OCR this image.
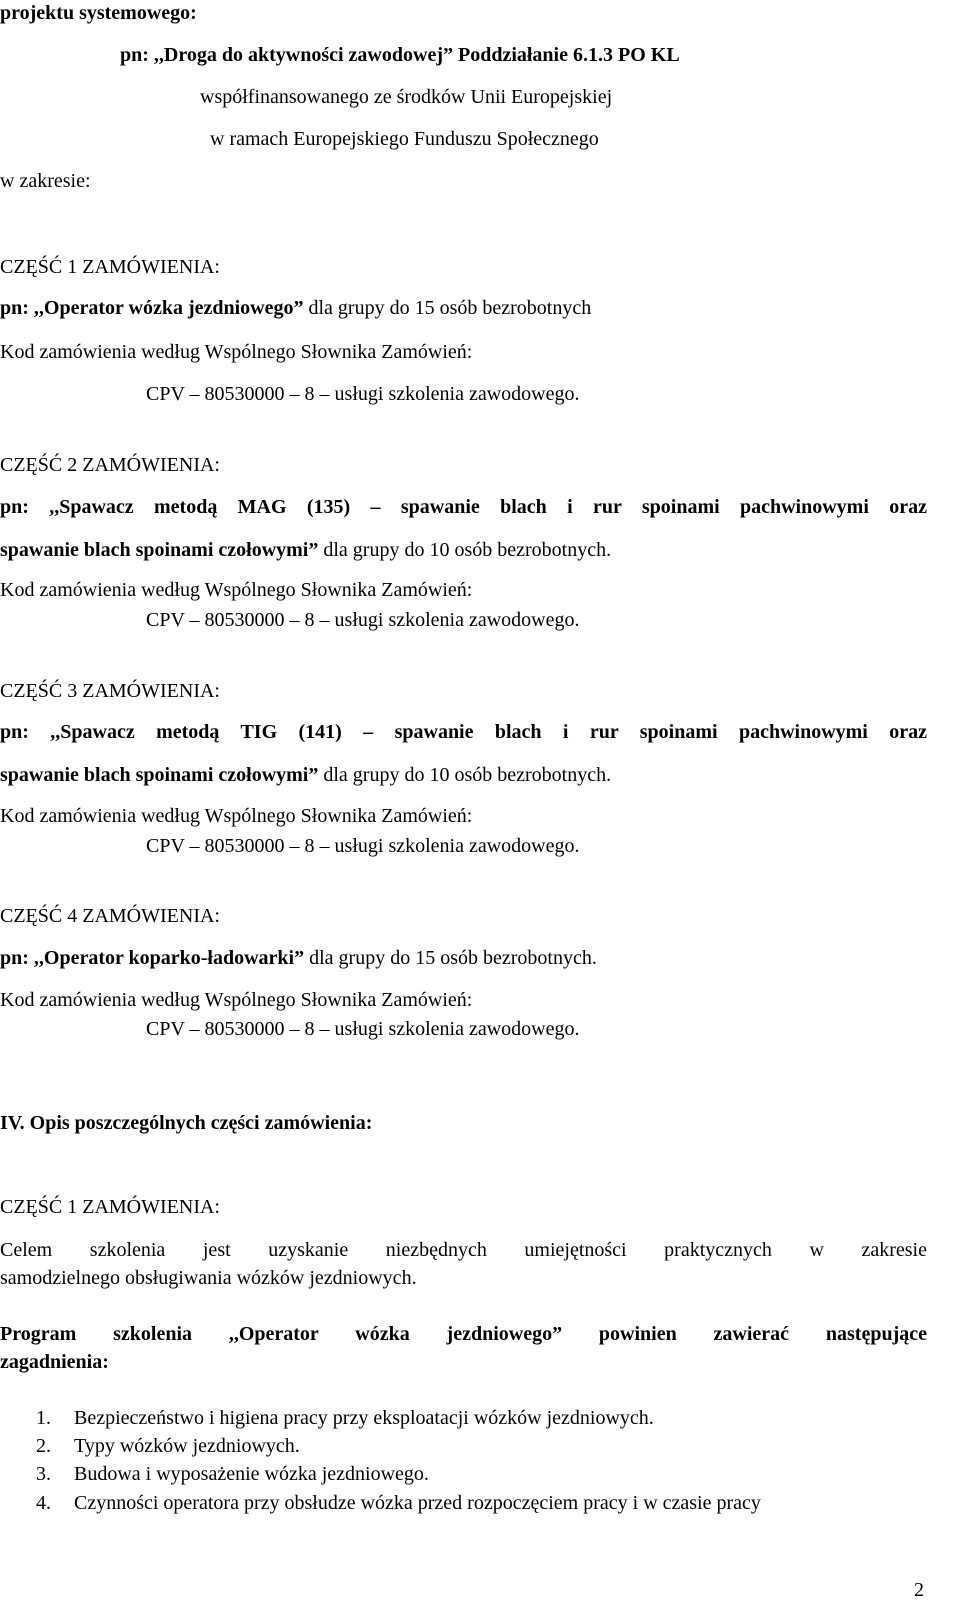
projektu systemowego:
pn: ,,Droga do aktywności zawodowej” Poddziałanie 6.1.3 PO KL
współfinansowanego ze środków Unii Europejskiej
w ramach Europejskiego Funduszu Społecznego
w zakresie:
CZĘŚĆ 1 ZAMÓWIENIA:
pn: ,,Operator wózka jezdniowego” dla grupy do 15 osób bezrobotnych
Kod zamówienia według Wspólnego Słownika Zamówień:
CPV – 80530000 – 8 – usługi szkolenia zawodowego.
CZĘŚĆ 2 ZAMÓWIENIA:
pn: ,,Spawacz metodą MAG (135) – spawanie blach i rur spoinami pachwinowymi oraz
spawanie blach spoinami czołowymi” dla grupy do 10 osób bezrobotnych.
Kod zamówienia według Wspólnego Słownika Zamówień:
CPV – 80530000 – 8 – usługi szkolenia zawodowego.
CZĘŚĆ 3 ZAMÓWIENIA:
pn: ,,Spawacz metodą TIG (141) – spawanie blach i rur spoinami pachwinowymi oraz
spawanie blach spoinami czołowymi” dla grupy do 10 osób bezrobotnych.
Kod zamówienia według Wspólnego Słownika Zamówień:
CPV – 80530000 – 8 – usługi szkolenia zawodowego.
CZĘŚĆ 4 ZAMÓWIENIA:
pn: ,,Operator koparko-ładowarki” dla grupy do 15 osób bezrobotnych.
Kod zamówienia według Wspólnego Słownika Zamówień:
CPV – 80530000 – 8 – usługi szkolenia zawodowego.
IV. Opis poszczególnych części zamówienia:
CZĘŚĆ 1 ZAMÓWIENIA:
Celem szkolenia jest uzyskanie niezbędnych umiejętności praktycznych w zakresie
samodzielnego obsługiwania wózków jezdniowych.
Program szkolenia ,,Operator wózka jezdniowego” powinien zawierać następujące
zagadnienia:
1. Bezpieczeństwo i higiena pracy przy eksploatacji wózków jezdniowych.
2. Typy wózków jezdniowych.
3. Budowa i wyposażenie wózka jezdniowego.
4. Czynności operatora przy obsłudze wózka przed rozpoczęciem pracy i w czasie pracy
2
